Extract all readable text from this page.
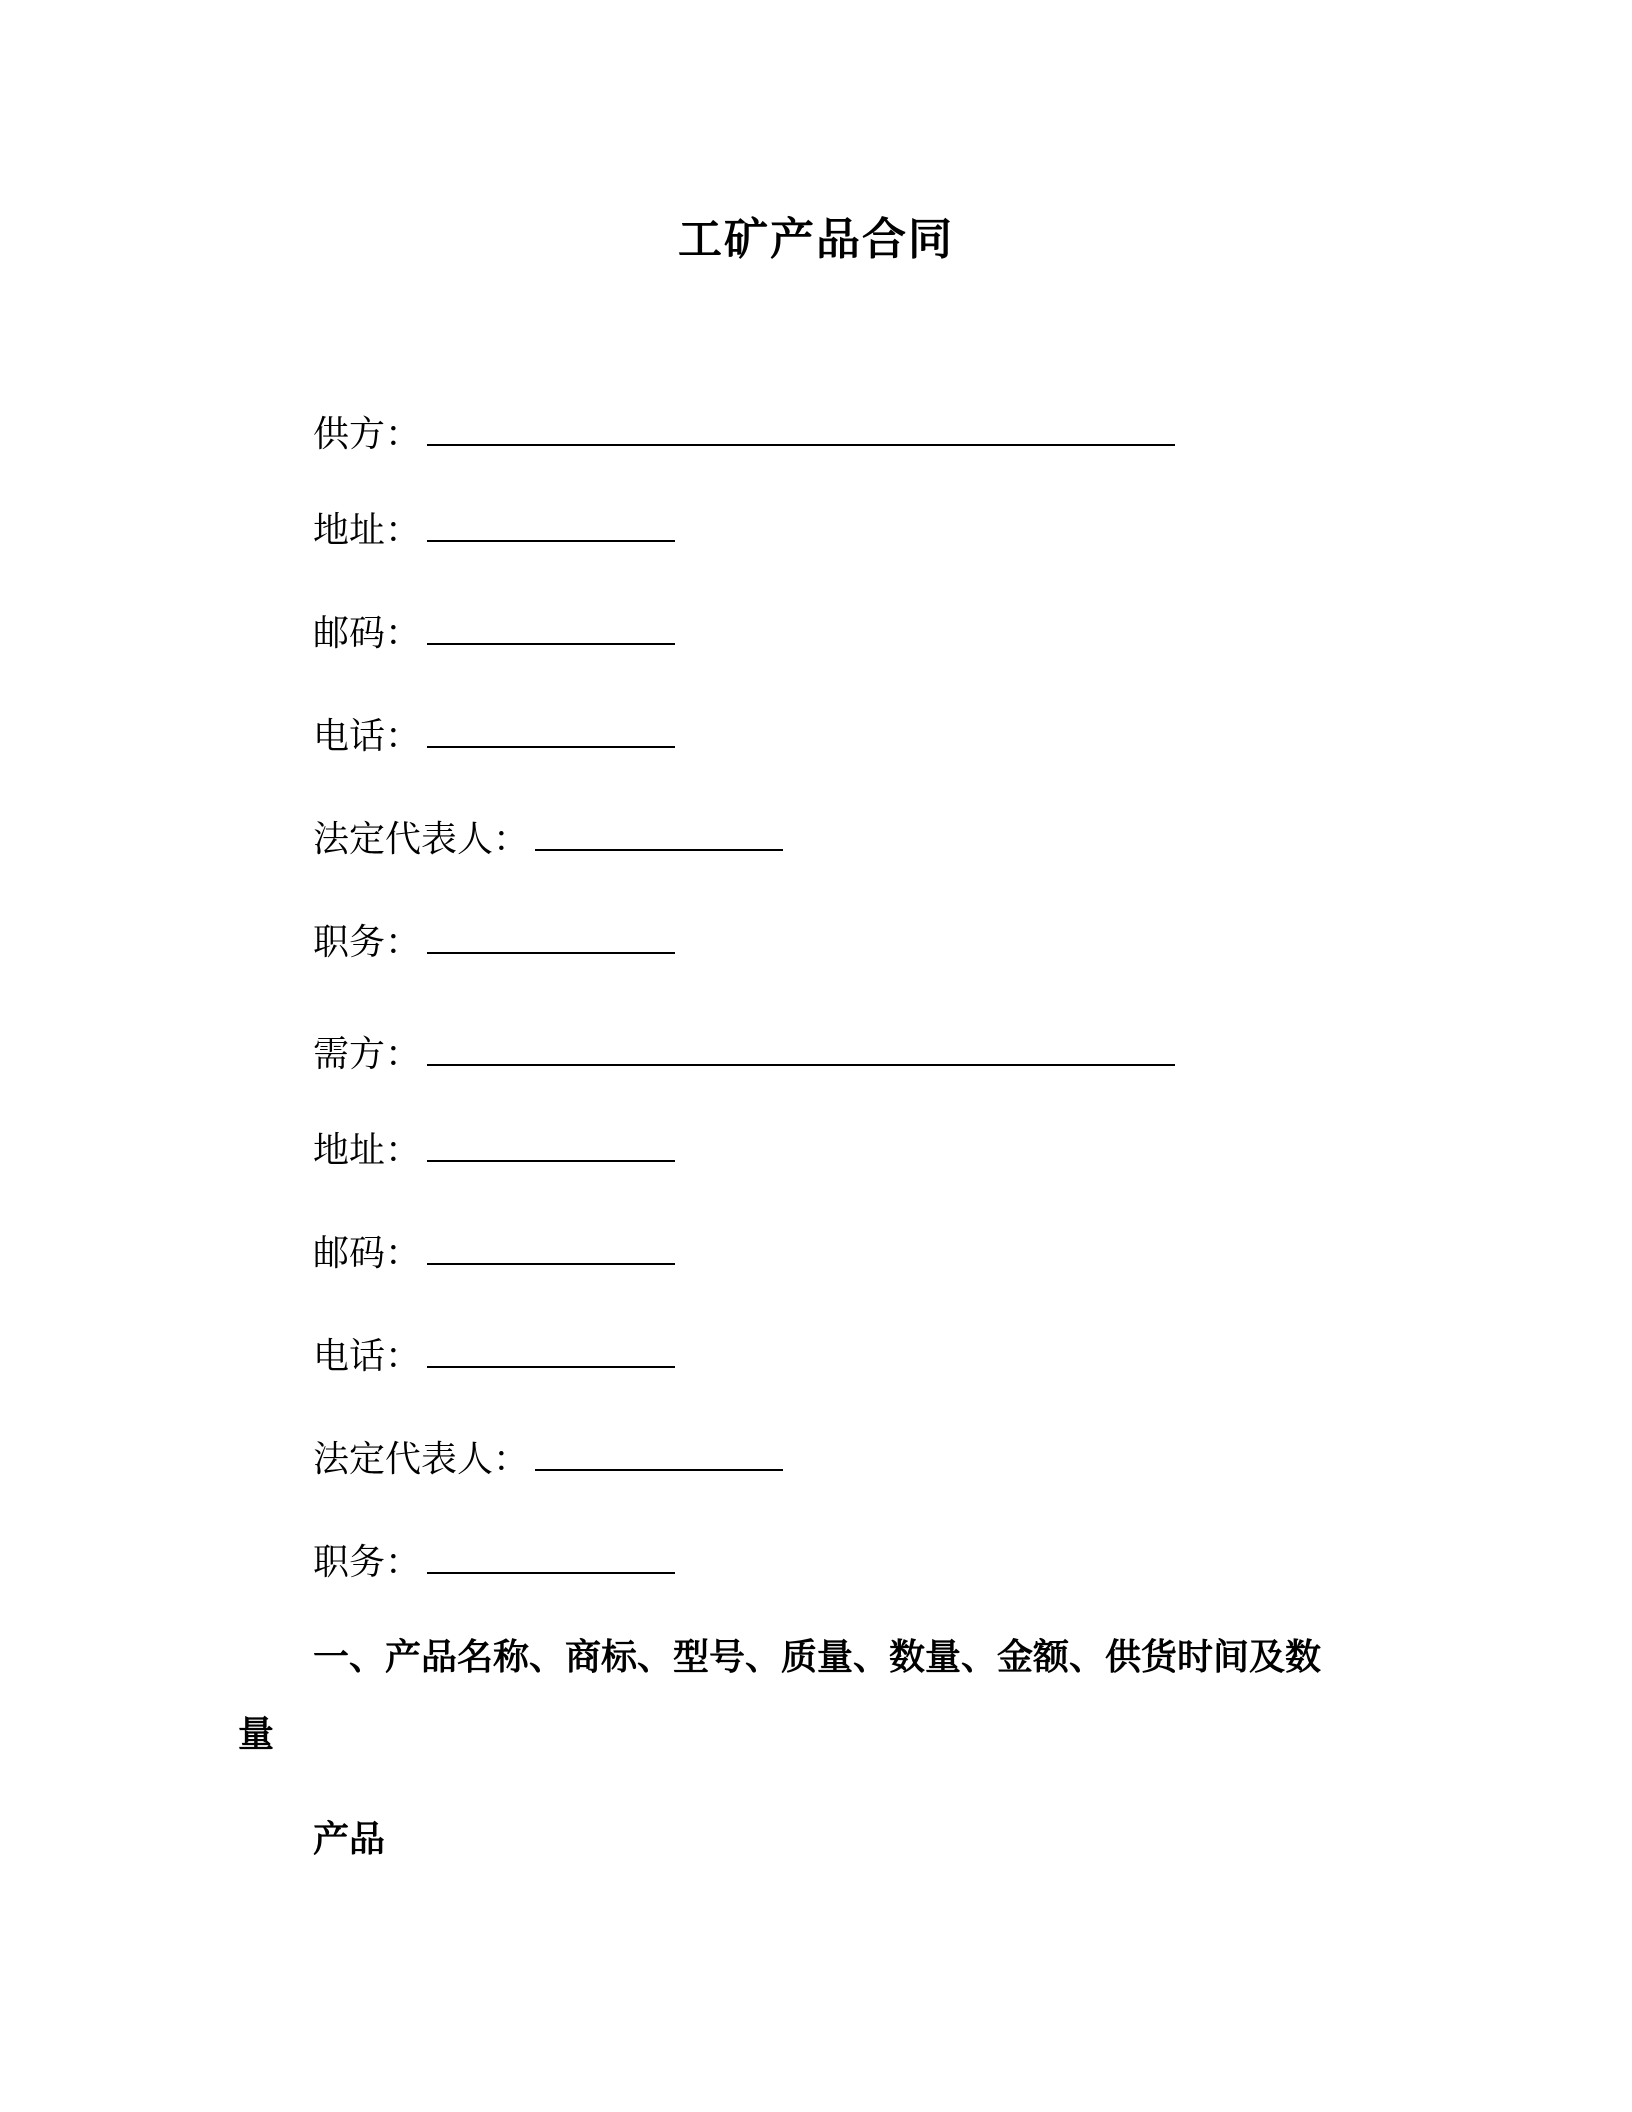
工矿产品合同
供方：
地址：
邮码：
电话：
法定代表人：
职务：
需方：
地址：
邮码：
电话：
法定代表人：
职务：
一、产品名称、商标、型号、质量、数量、金额、供货时间及数
量
产品
